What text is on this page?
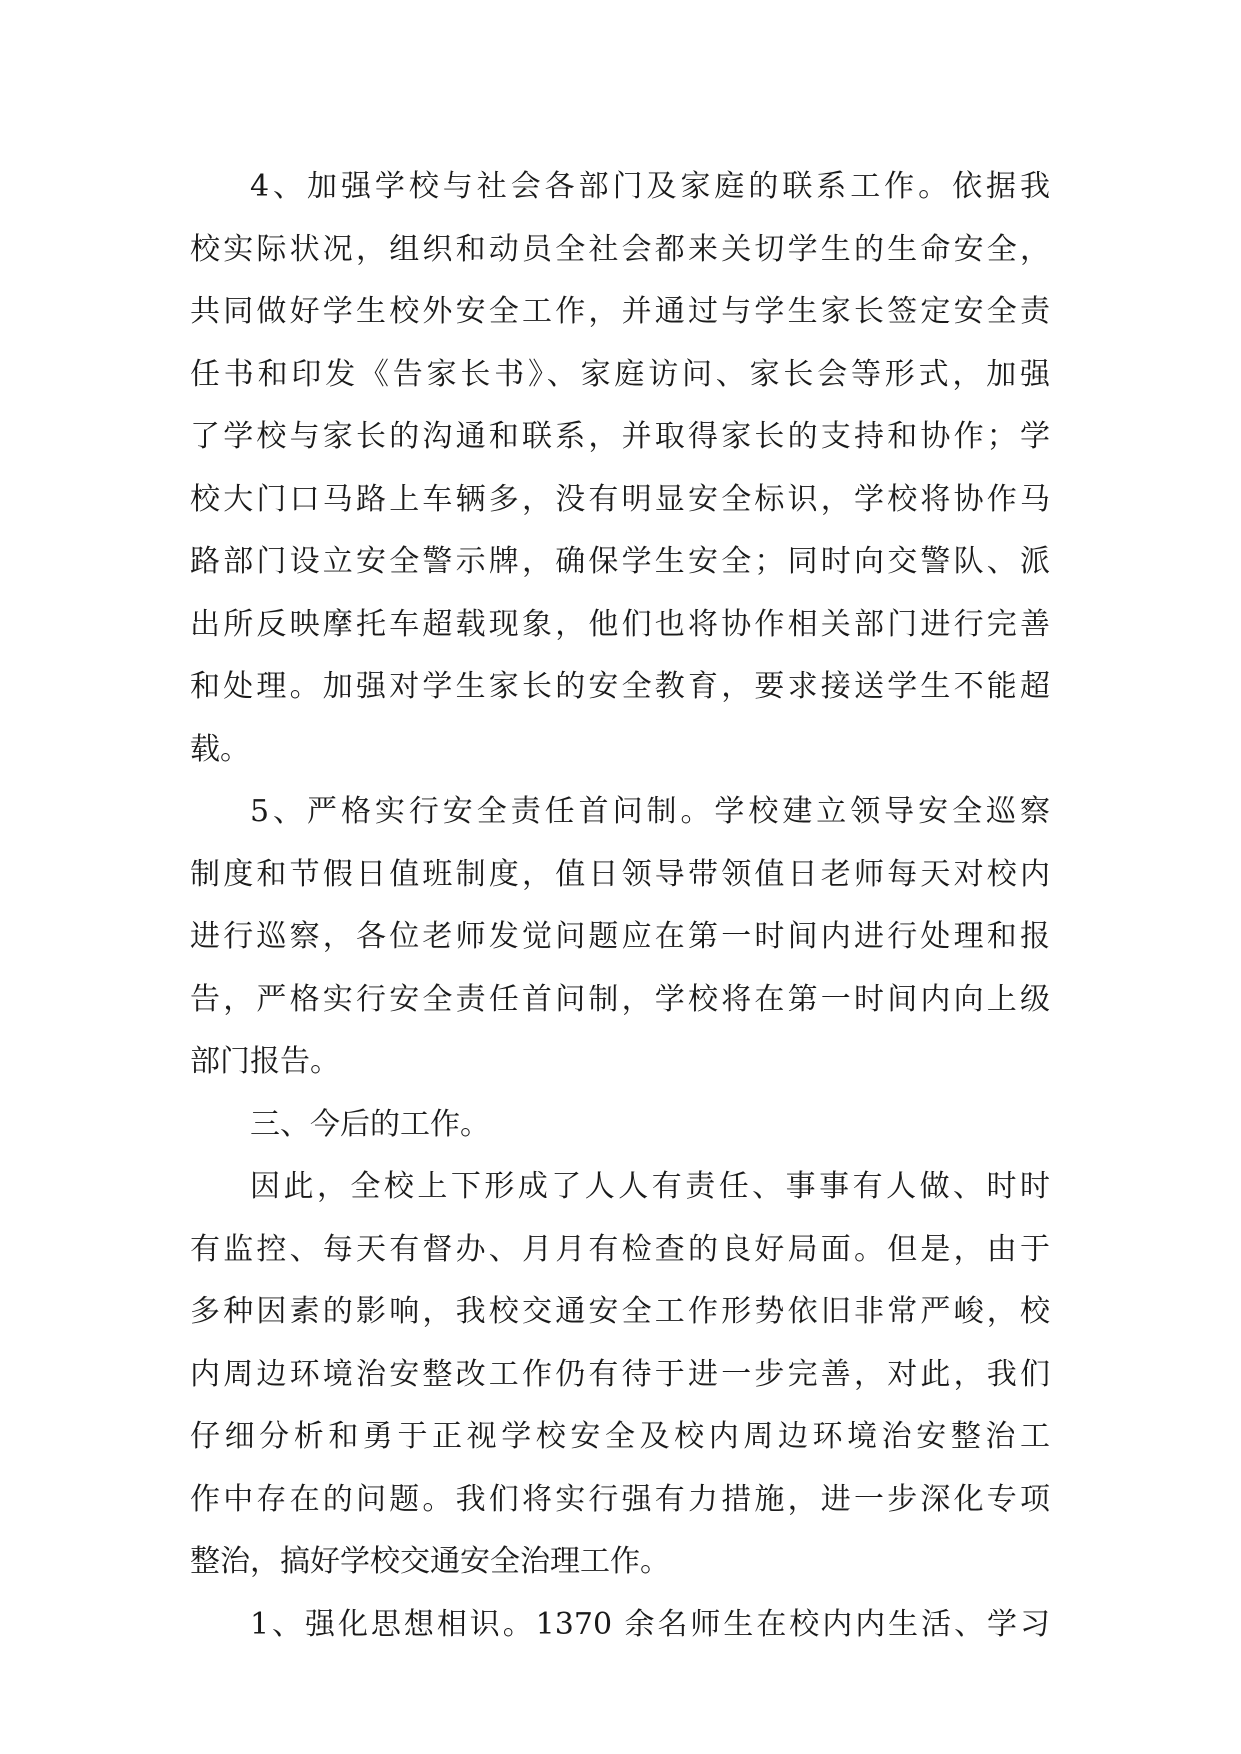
4、加强学校与社会各部门及家庭的联系工作。依据我
校实际状况，组织和动员全社会都来关切学生的生命安全，
共同做好学生校外安全工作，并通过与学生家长签定安全责
任书和印发《告家长书》、家庭访问、家长会等形式，加强
了学校与家长的沟通和联系，并取得家长的支持和协作；学
校大门口马路上车辆多，没有明显安全标识，学校将协作马
路部门设立安全警示牌，确保学生安全；同时向交警队、派
出所反映摩托车超载现象，他们也将协作相关部门进行完善
和处理。加强对学生家长的安全教育，要求接送学生不能超
载。
5、严格实行安全责任首问制。学校建立领导安全巡察
制度和节假日值班制度，值日领导带领值日老师每天对校内
进行巡察，各位老师发觉问题应在第一时间内进行处理和报
告，严格实行安全责任首问制，学校将在第一时间内向上级
部门报告。
三、今后的工作。
因此，全校上下形成了人人有责任、事事有人做、时时
有监控、每天有督办、月月有检查的良好局面。但是，由于
多种因素的影响，我校交通安全工作形势依旧非常严峻，校
内周边环境治安整改工作仍有待于进一步完善，对此，我们
仔细分析和勇于正视学校安全及校内周边环境治安整治工
作中存在的问题。我们将实行强有力措施，进一步深化专项
整治，搞好学校交通安全治理工作。
1、强化思想相识。1370 余名师生在校内内生活、学习
